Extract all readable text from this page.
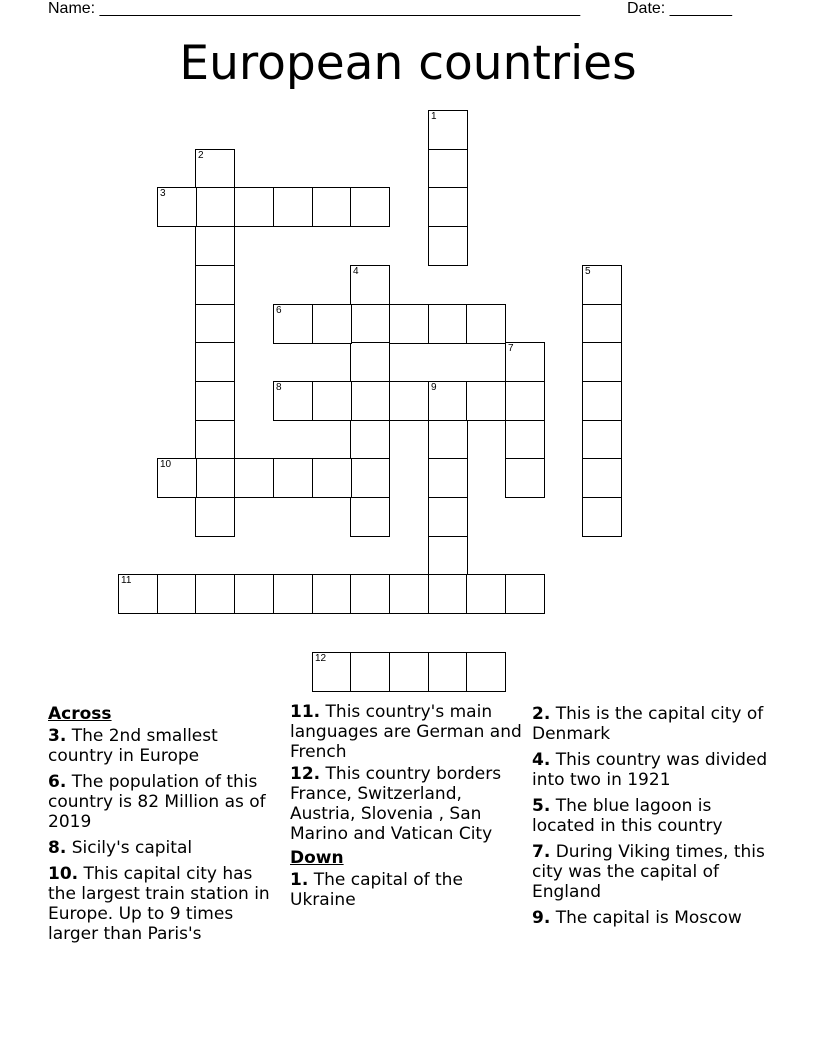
Name: ______________________________________________________	Date: _______
European countries
1
2
3
4	5
6
7
8	9
10
11
12
Across
3. The 2nd smallest country in Europe
6. The population of this country is 82 Million as of 2019
8. Sicily's capital
10. This capital city has the largest train station in Europe. Up to 9 times larger than Paris's
11. This country's main languages are German and French
12. This country borders France, Switzerland, Austria, Slovenia , San Marino and Vatican City
Down
1. The capital of the Ukraine
2. This is the capital city of Denmark
4. This country was divided into two in 1921
5. The blue lagoon is located in this country
7. During Viking times, this city was the capital of England
9. The capital is Moscow
